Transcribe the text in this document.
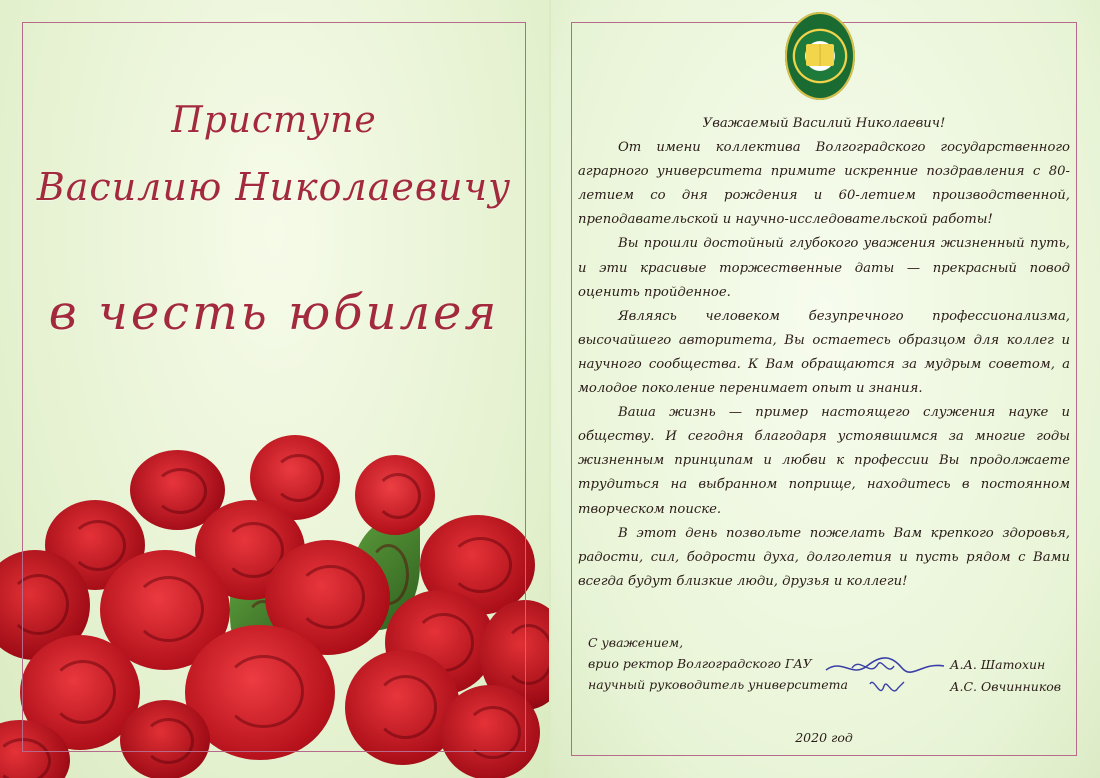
Приступе
Василию Николаевичу
в честь юбилея

Уважаемый Василий Николаевич!

От имени коллектива Волгоградского государственного аграрного университета примите искренние поздравления с 80-летием со дня рождения и 60-летием производственной, преподавательской и научно-исследовательской работы!

Вы прошли достойный глубокого уважения жизненный путь, и эти красивые торжественные даты — прекрасный повод оценить пройденное.

Являясь человеком безупречного профессионализма, высочайшего авторитета, Вы остаетесь образцом для коллег и научного сообщества. К Вам обращаются за мудрым советом, а молодое поколение перенимает опыт и знания.

Ваша жизнь — пример настоящего служения науке и обществу. И сегодня благодаря устоявшимся за многие годы жизненным принципам и любви к профессии Вы продолжаете трудиться на выбранном поприще, находитесь в постоянном творческом поиске.

В этот день позвольте пожелать Вам крепкого здоровья, радости, сил, бодрости духа, долголетия и пусть рядом с Вами всегда будут близкие люди, друзья и коллеги!

С уважением,
врио ректор Волгоградского ГАУ
научный руководитель университета
А.А. Шатохин
А.С. Овчинников
2020 год
